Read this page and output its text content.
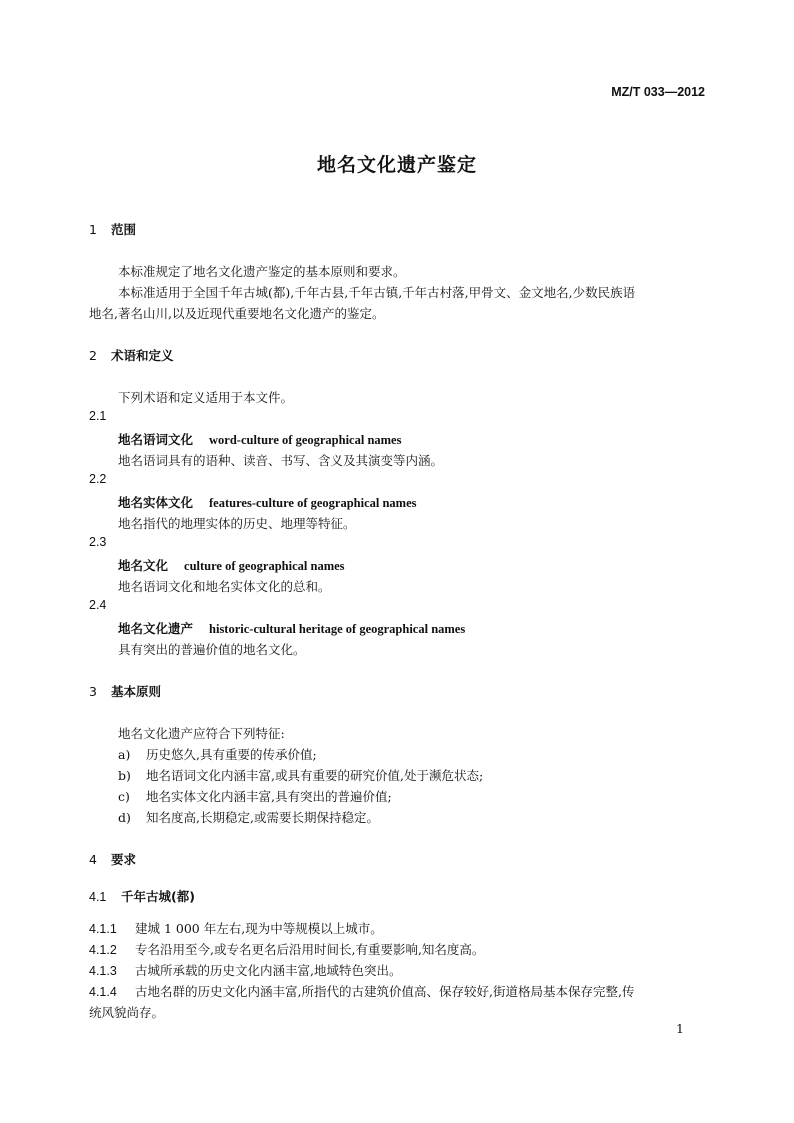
MZ/T 033—2012
地名文化遗产鉴定
1 范围
本标准规定了地名文化遗产鉴定的基本原则和要求。
本标准适用于全国千年古城(都),千年古县,千年古镇,千年古村落,甲骨文、金文地名,少数民族语
地名,著名山川,以及近现代重要地名文化遗产的鉴定。
2 术语和定义
下列术语和定义适用于本文件。
2.1
地名语词文化 word-culture of geographical names
地名语词具有的语种、读音、书写、含义及其演变等内涵。
2.2
地名实体文化 features-culture of geographical names
地名指代的地理实体的历史、地理等特征。
2.3
地名文化 culture of geographical names
地名语词文化和地名实体文化的总和。
2.4
地名文化遗产 historic-cultural heritage of geographical names
具有突出的普遍价值的地名文化。
3 基本原则
地名文化遗产应符合下列特征:
a) 历史悠久,具有重要的传承价值;
b) 地名语词文化内涵丰富,或具有重要的研究价值,处于濒危状态;
c) 地名实体文化内涵丰富,具有突出的普遍价值;
d) 知名度高,长期稳定,或需要长期保持稳定。
4 要求
4.1 千年古城(都)
4.1.1 建城 1 000 年左右,现为中等规模以上城市。
4.1.2 专名沿用至今,或专名更名后沿用时间长,有重要影响,知名度高。
4.1.3 古城所承载的历史文化内涵丰富,地域特色突出。
4.1.4 古地名群的历史文化内涵丰富,所指代的古建筑价值高、保存较好,街道格局基本保存完整,传
统风貌尚存。
1
